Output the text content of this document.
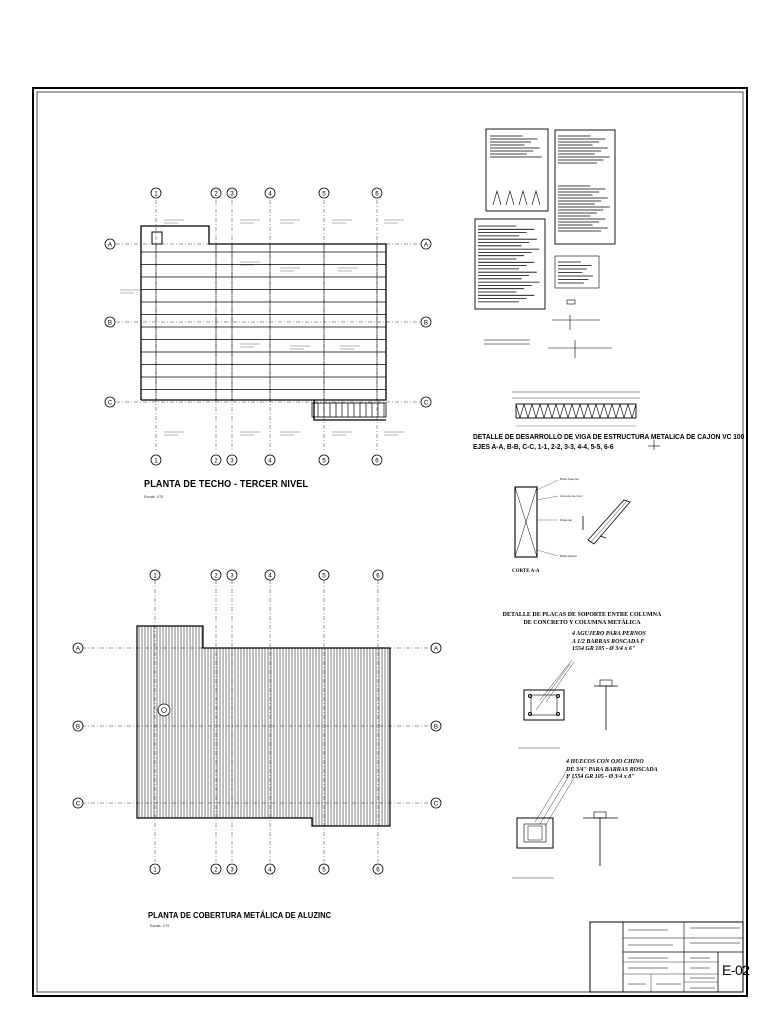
1
1
2
2
3
3
4
4
5
5
6
6
A	A
B	B
C	C
1
1
2
2
3
3
4
4
5
5
6
6
A	A
B	B
C	C
PLANTA DE TECHO - TERCER NIVEL
Escala: 1/75
PLANTA DE COBERTURA METÁLICA DE ALUZINC
Escala: 1/75
DETALLE DE DESARROLLO DE VIGA DE ESTRUCTURA METALICA DE CAJON VC 100
EJES A-A, B-B, C-C, 1-1, 2-2, 3-3, 4-4, 5-5, 6-6
Brida Superior
Arriostre de Cruz
Diagonal
Brida inferior
CORTE A-A
DETALLE DE PLACAS DE SOPORTE ENTRE COLUMNA
DE CONCRETO Y COLUMNA METÁLICA
4 AGUJERO PARA PERNOS
A 1/2 BARRAS ROSCADA F
1554 GR 105 - Ø 3/4 x 6"
4 HUECOS CON OJO CHINO
DE 3/4" PARA BARRAS ROSCADA
F 1554 GR 105 - Ø 3/4 x 8"
E-02
